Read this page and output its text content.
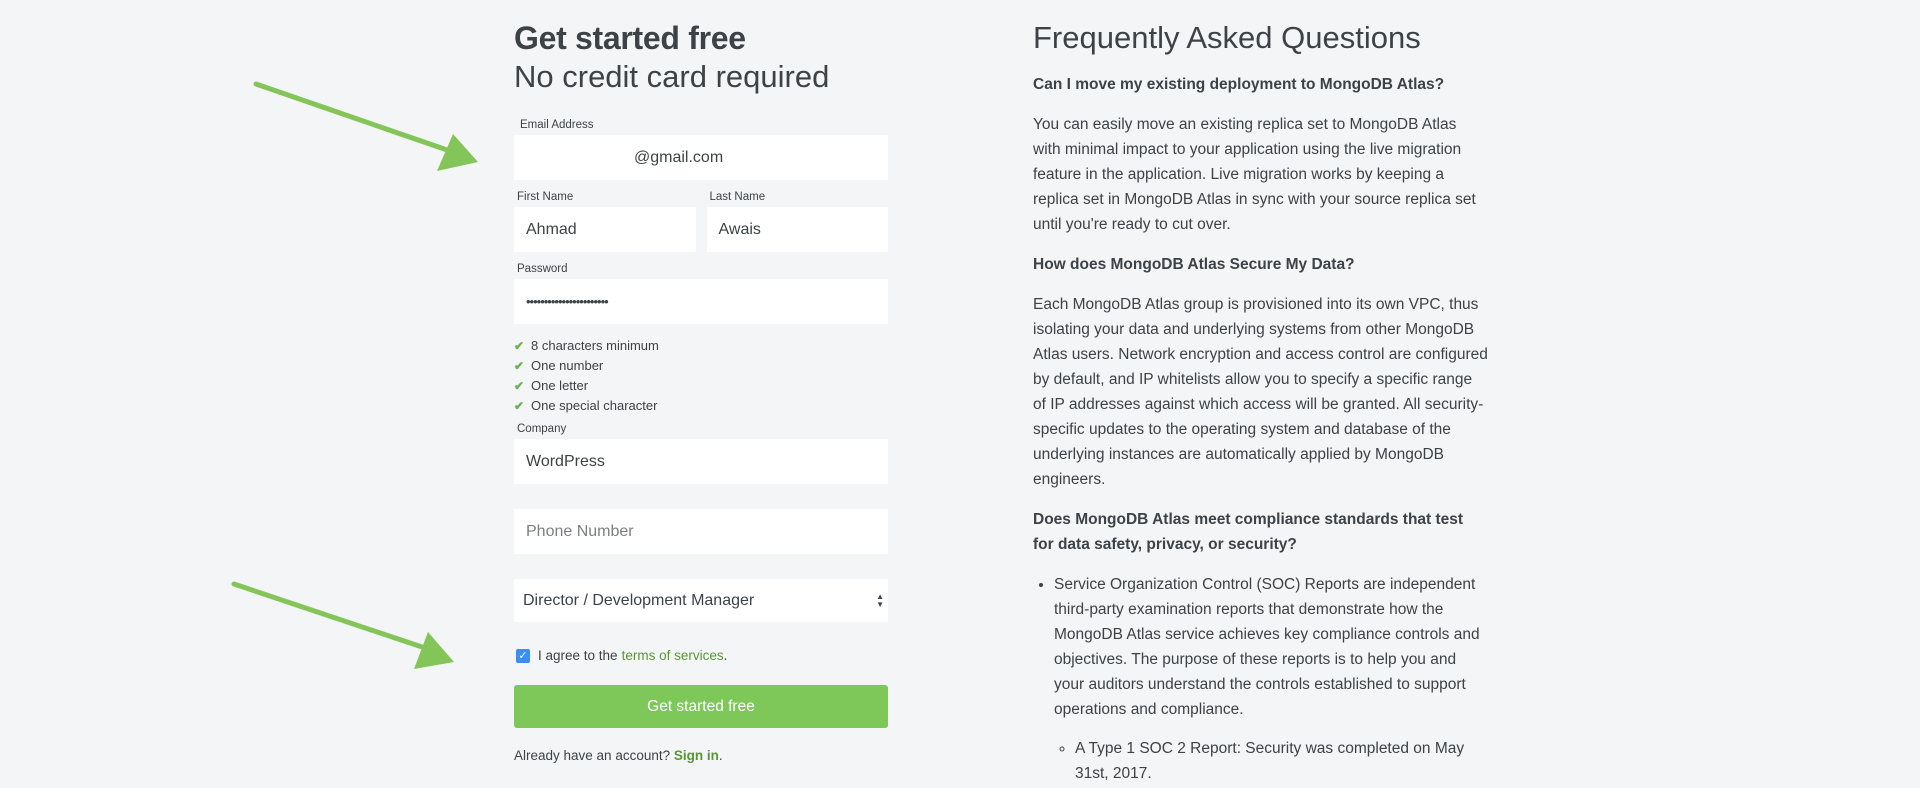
Get started free
No credit card required
Email Address
@gmail.com
First Name
Ahmad
Last Name
Awais
Password
•••••••••••••••••••••••
✔ 8 characters minimum
✔ One number
✔ One letter
✔ One special character
Company
WordPress
Phone Number
Director / Development Manager	▲
▼
✓ I agree to the terms of services .
Get started free
Already have an account? Sign in.
Frequently Asked Questions

Can I move my existing deployment to MongoDB Atlas?

You can easily move an existing replica set to MongoDB Atlas with minimal impact to your application using the live migration feature in the application. Live migration works by keeping a replica set in MongoDB Atlas in sync with your source replica set until you're ready to cut over.

How does MongoDB Atlas Secure My Data?

Each MongoDB Atlas group is provisioned into its own VPC, thus isolating your data and underlying systems from other MongoDB Atlas users. Network encryption and access control are configured by default, and IP whitelists allow you to specify a specific range of IP addresses against which access will be granted. All security-specific updates to the operating system and database of the underlying instances are automatically applied by MongoDB engineers.

Does MongoDB Atlas meet compliance standards that test for data safety, privacy, or security?

• Service Organization Control (SOC) Reports are independent third-party examination reports that demonstrate how the MongoDB Atlas service achieves key compliance controls and objectives. The purpose of these reports is to help you and your auditors understand the controls established to support operations and compliance.
◦ A Type 1 SOC 2 Report: Security was completed on May 31st, 2017.
